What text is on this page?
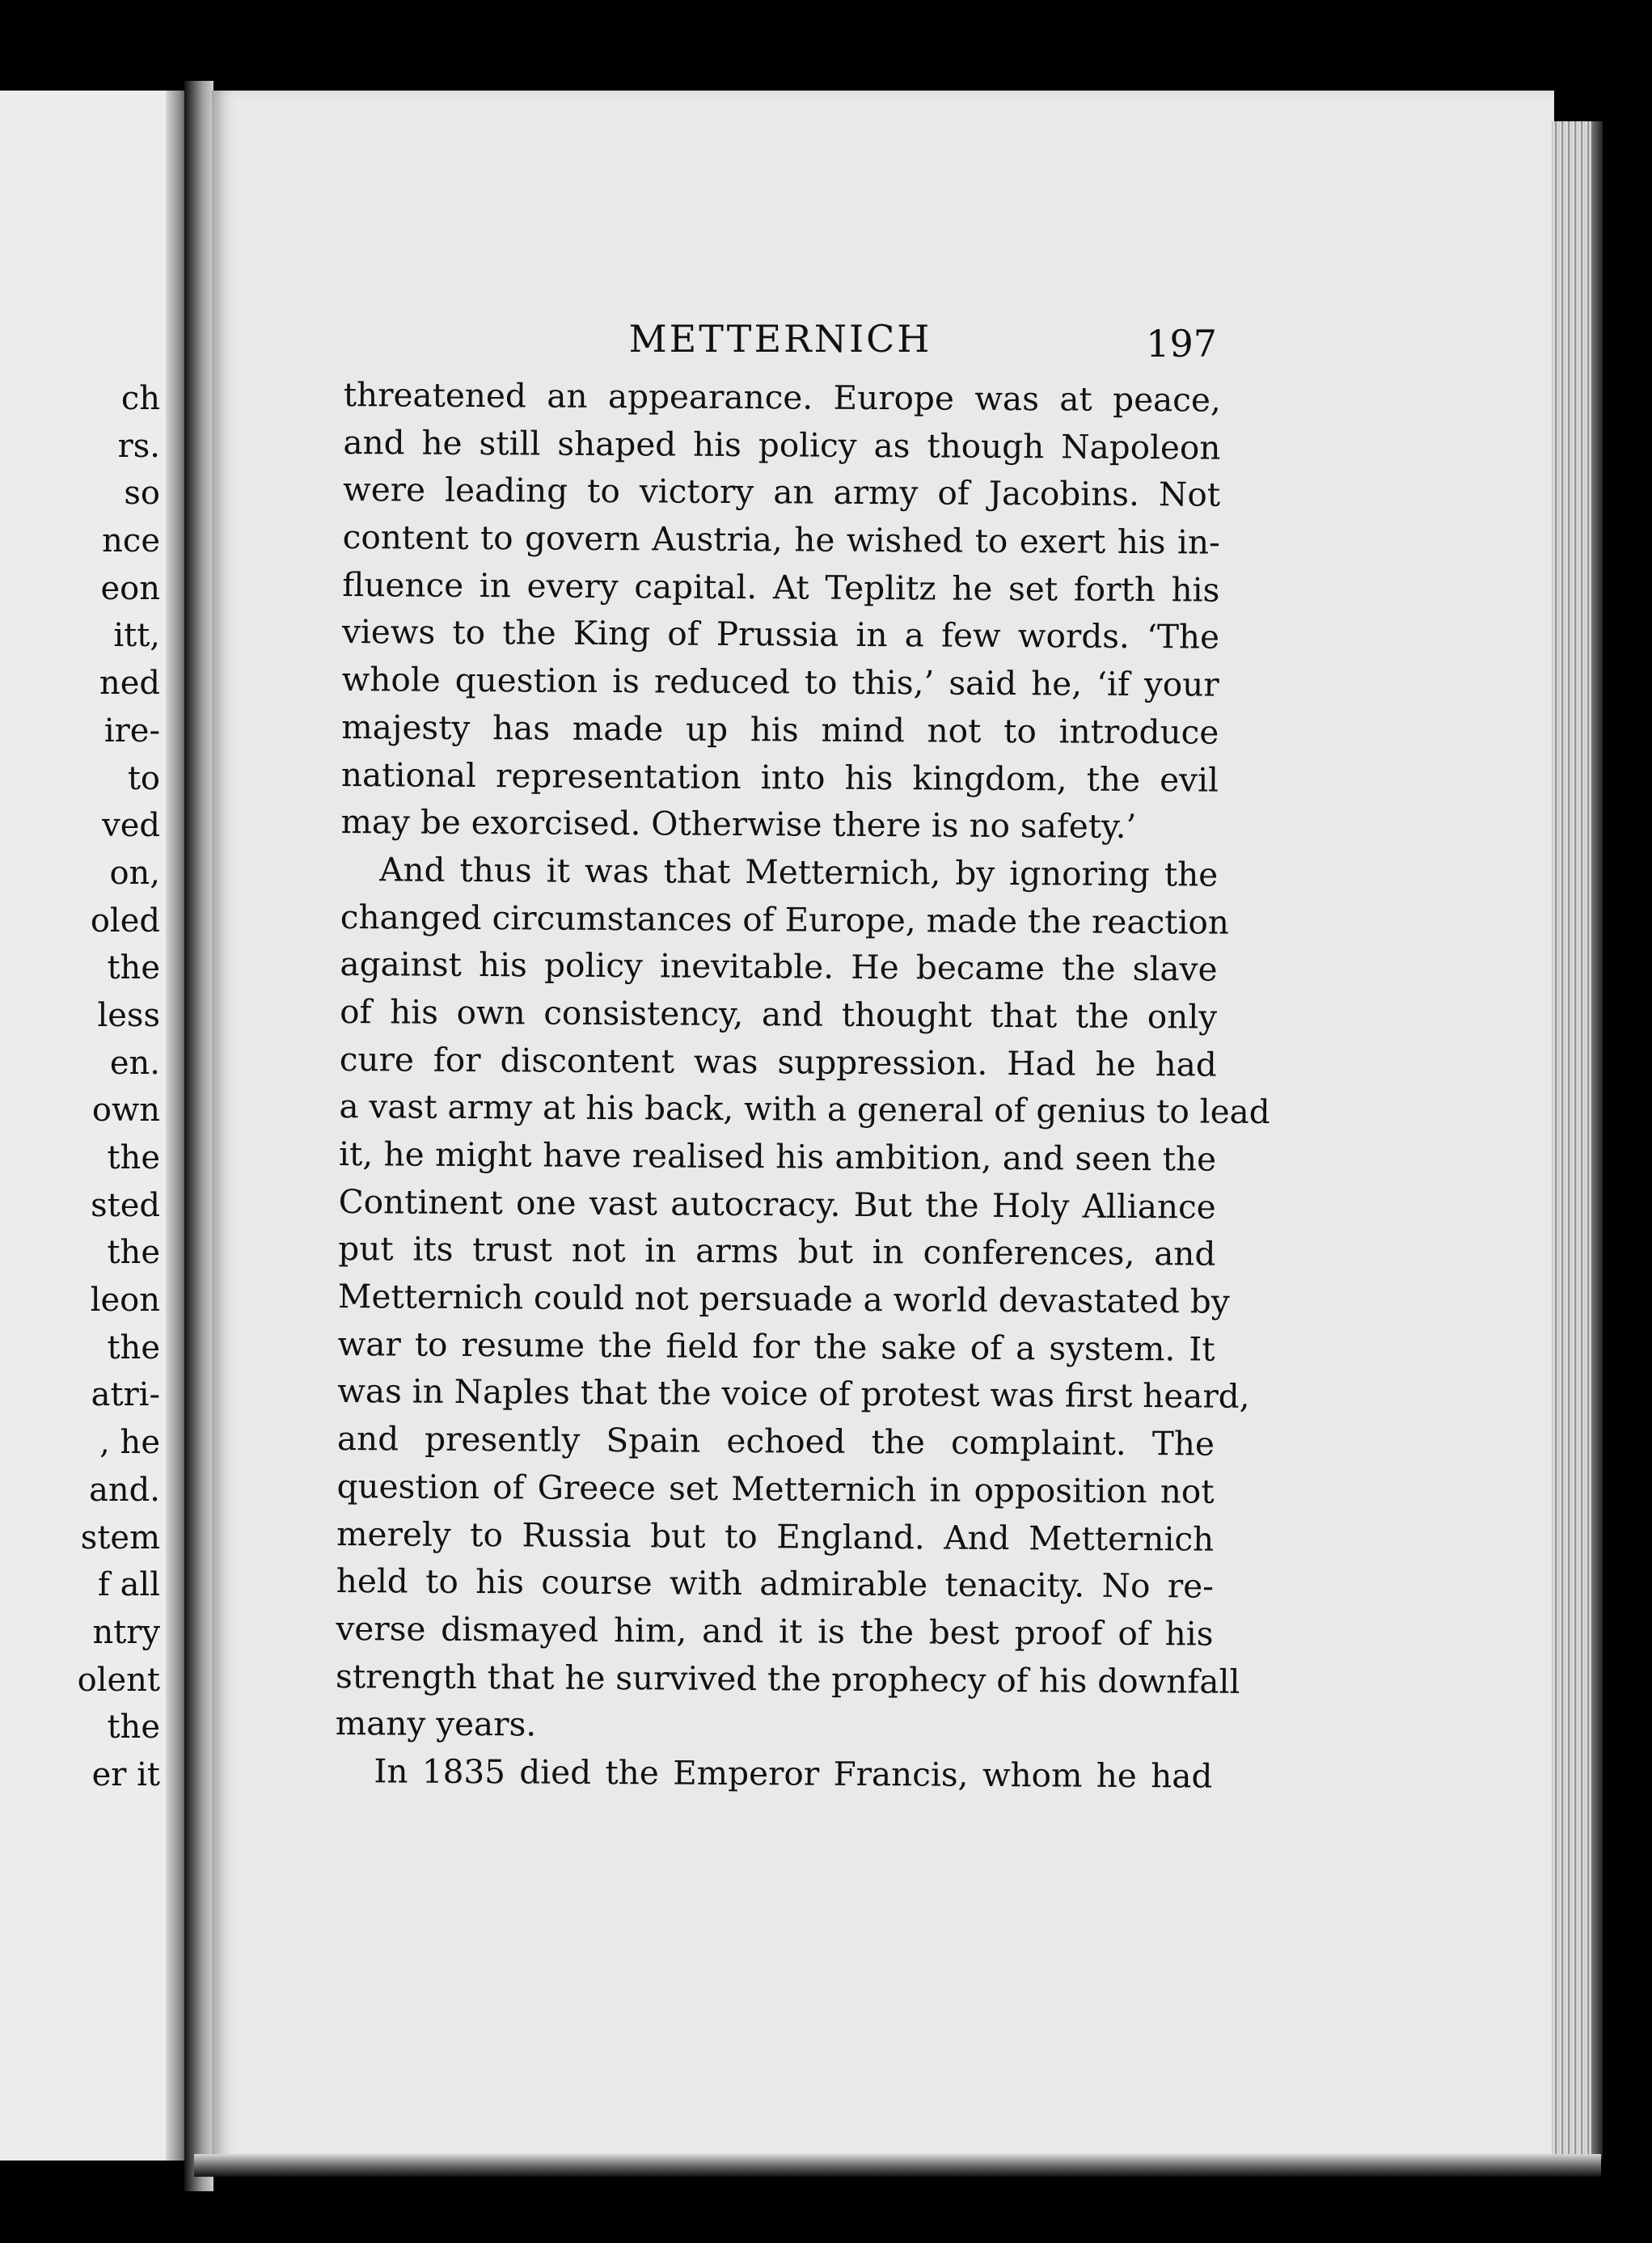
ch
rs.
so
nce
eon
itt,
ned
ire-
to
ved
on,
oled
the
less
en.
own
the
sted
the
leon
the
atri-
, he
and.
stem
f all
ntry
olent
the
er it
METTERNICH	197
threatened an appearance. Europe was at peace,
and he still shaped his policy as though Napoleon
were leading to victory an army of Jacobins. Not
content to govern Austria, he wished to exert his in-
fluence in every capital. At Teplitz he set forth his
views to the King of Prussia in a few words. ‘The
whole question is reduced to this,’ said he, ‘if your
majesty has made up his mind not to introduce
national representation into his kingdom, the evil
may be exorcised. Otherwise there is no safety.’
And thus it was that Metternich, by ignoring the
changed circumstances of Europe, made the reaction
against his policy inevitable. He became the slave
of his own consistency, and thought that the only
cure for discontent was suppression. Had he had
a vast army at his back, with a general of genius to lead
it, he might have realised his ambition, and seen the
Continent one vast autocracy. But the Holy Alliance
put its trust not in arms but in conferences, and
Metternich could not persuade a world devastated by
war to resume the field for the sake of a system. It
was in Naples that the voice of protest was first heard,
and presently Spain echoed the complaint. The
question of Greece set Metternich in opposition not
merely to Russia but to England. And Metternich
held to his course with admirable tenacity. No re-
verse dismayed him, and it is the best proof of his
strength that he survived the prophecy of his downfall
many years.
In 1835 died the Emperor Francis, whom he had
